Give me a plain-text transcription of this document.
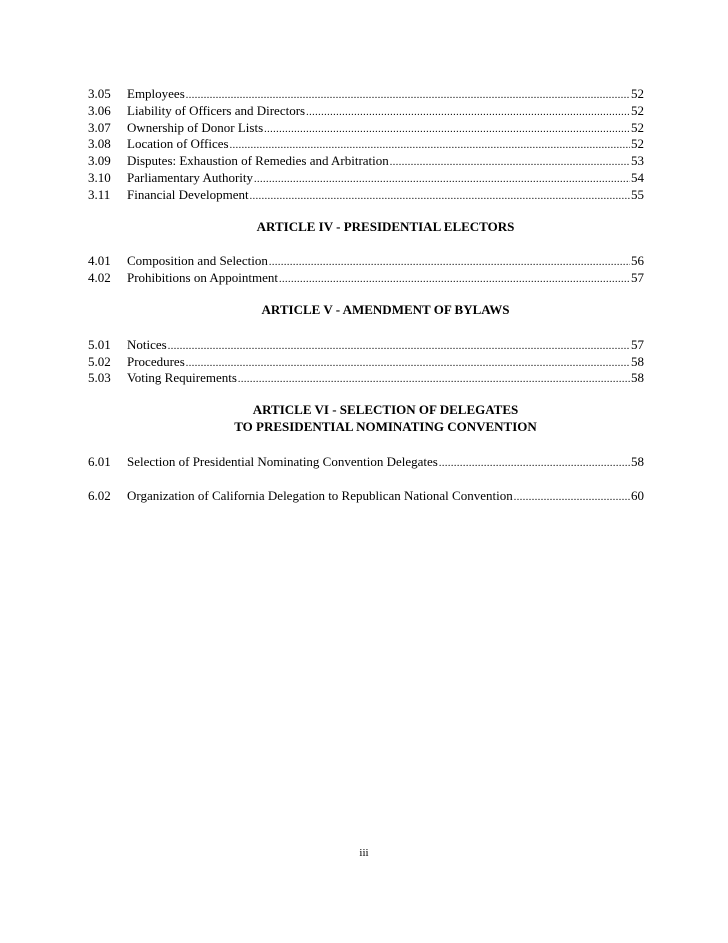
3.05	Employees .....	52
3.06	Liability of Officers and Directors .....	52
3.07	Ownership of Donor Lists .....	52
3.08	Location of Offices .....	52
3.09	Disputes: Exhaustion of Remedies and Arbitration .....	53
3.10	Parliamentary Authority .....	54
3.11	Financial Development .....	55
ARTICLE IV - PRESIDENTIAL ELECTORS
4.01	Composition and Selection .....	56
4.02	Prohibitions on Appointment .....	57
ARTICLE V - AMENDMENT OF BYLAWS
5.01	Notices .....	57
5.02	Procedures .....	58
5.03	Voting Requirements .....	58
ARTICLE VI - SELECTION OF DELEGATES
TO PRESIDENTIAL NOMINATING CONVENTION
6.01	Selection of Presidential Nominating Convention Delegates .....	58
6.02	Organization of California Delegation to Republican National Convention .....	60
iii
